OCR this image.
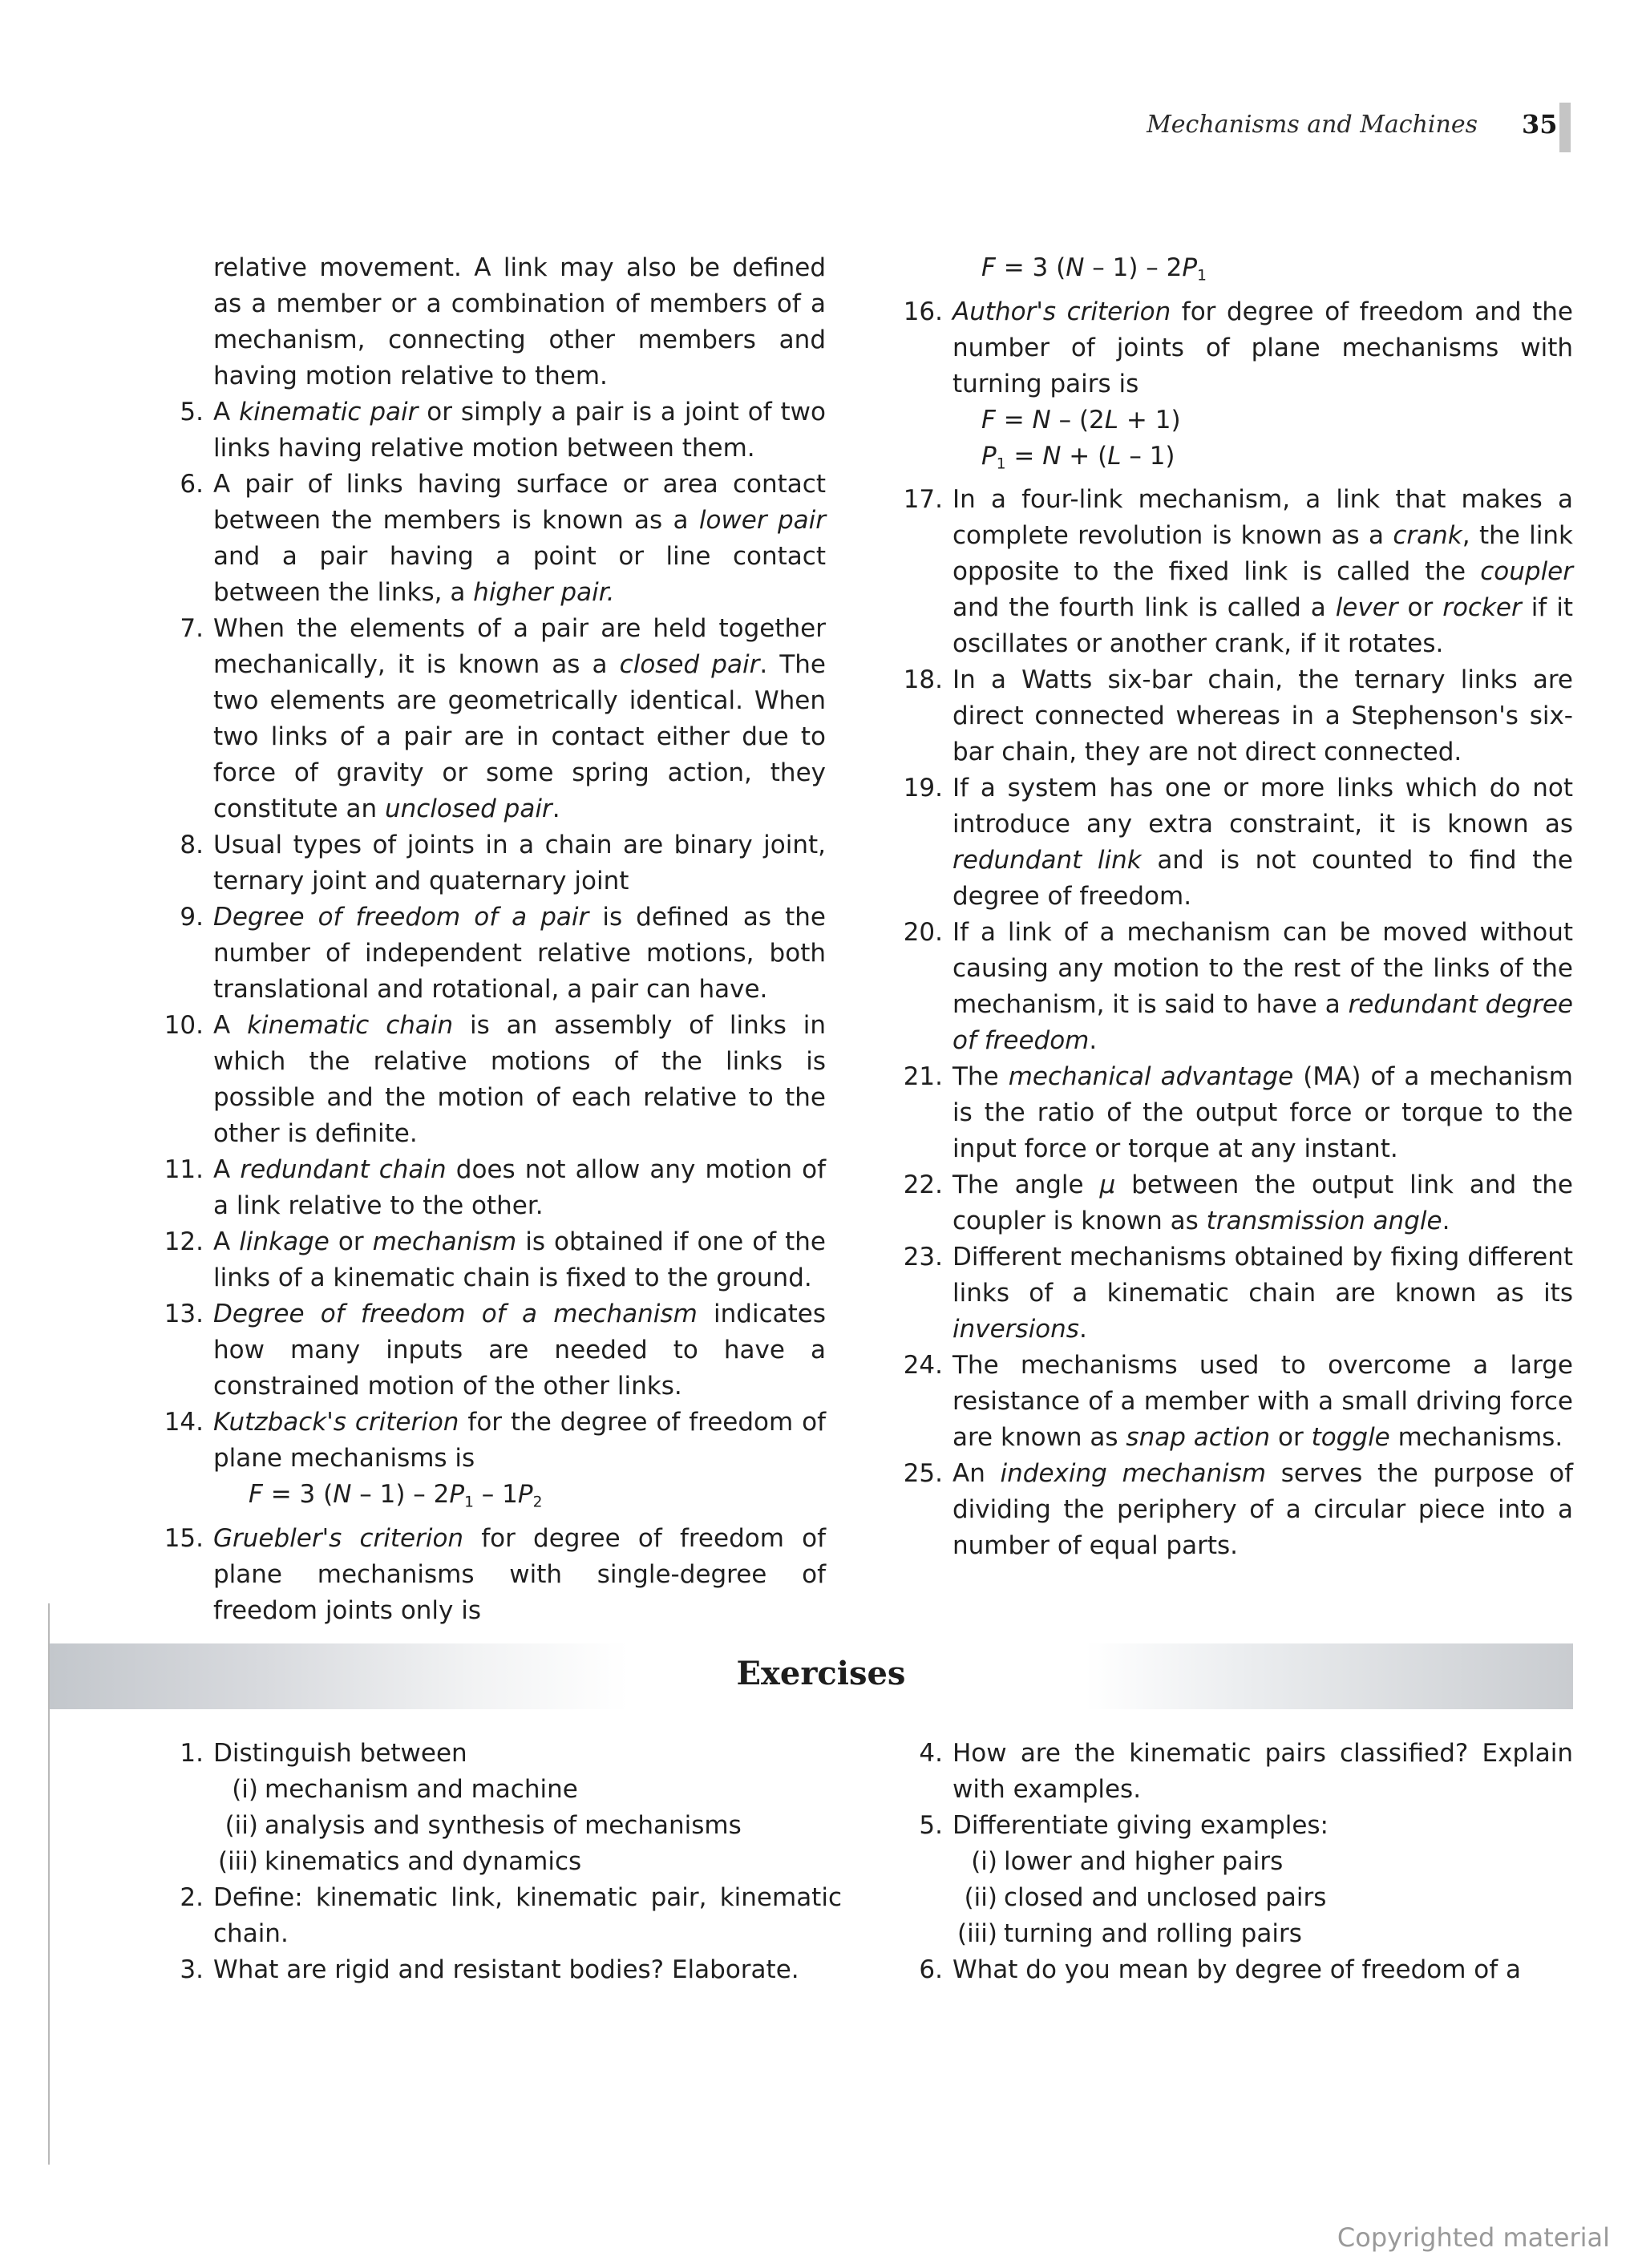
Mechanisms and Machines 35
relative movement. A link may also be defined as a member or a combination of members of a mechanism, connecting other members and having motion relative to them.
5. A kinematic pair or simply a pair is a joint of two links having relative motion between them.
6. A pair of links having surface or area contact between the members is known as a lower pair and a pair having a point or line contact between the links, a higher pair.
7. When the elements of a pair are held together mechanically, it is known as a closed pair. The two elements are geometrically identical. When two links of a pair are in contact either due to force of gravity or some spring action, they constitute an unclosed pair.
8. Usual types of joints in a chain are binary joint, ternary joint and quaternary joint
9. Degree of freedom of a pair is defined as the number of independent relative motions, both translational and rotational, a pair can have.
10. A kinematic chain is an assembly of links in which the relative motions of the links is possible and the motion of each relative to the other is definite.
11. A redundant chain does not allow any motion of a link relative to the other.
12. A linkage or mechanism is obtained if one of the links of a kinematic chain is fixed to the ground.
13. Degree of freedom of a mechanism indicates how many inputs are needed to have a constrained motion of the other links.
14. Kutzback's criterion for the degree of freedom of plane mechanisms is
F = 3 $(N - 1) - 2P_1 - 1P_2$
15. Gruebler's criterion for degree of freedom of plane mechanisms with single-degree of freedom joints only is
F = 3 $(N - 1) - 2P_1$
16. Author's criterion for degree of freedom and the number of joints of plane mechanisms with turning pairs is
F = N – (2L + 1)
$P_1 = N + (L - 1)$
17. In a four-link mechanism, a link that makes a complete revolution is known as a crank, the link opposite to the fixed link is called the coupler and the fourth link is called a lever or rocker if it oscillates or another crank, if it rotates.
18. In a Watts six-bar chain, the ternary links are direct connected whereas in a Stephenson's six-bar chain, they are not direct connected.
19. If a system has one or more links which do not introduce any extra constraint, it is known as redundant link and is not counted to find the degree of freedom.
20. If a link of a mechanism can be moved without causing any motion to the rest of the links of the mechanism, it is said to have a redundant degree of freedom.
21. The mechanical advantage (MA) of a mechanism is the ratio of the output force or torque to the input force or torque at any instant.
22. The angle μ between the output link and the coupler is known as transmission angle.
23. Different mechanisms obtained by fixing different links of a kinematic chain are known as its inversions.
24. The mechanisms used to overcome a large resistance of a member with a small driving force are known as snap action or toggle mechanisms.
25. An indexing mechanism serves the purpose of dividing the periphery of a circular piece into a number of equal parts.
Exercises
1. Distinguish between
(i) mechanism and machine
(ii) analysis and synthesis of mechanisms
(iii) kinematics and dynamics
2. Define: kinematic link, kinematic pair, kinematic chain.
3. What are rigid and resistant bodies? Elaborate.
4. How are the kinematic pairs classified? Explain with examples.
5. Differentiate giving examples:
(i) lower and higher pairs
(ii) closed and unclosed pairs
(iii) turning and rolling pairs
6. What do you mean by degree of freedom of a
Copyrighted material
